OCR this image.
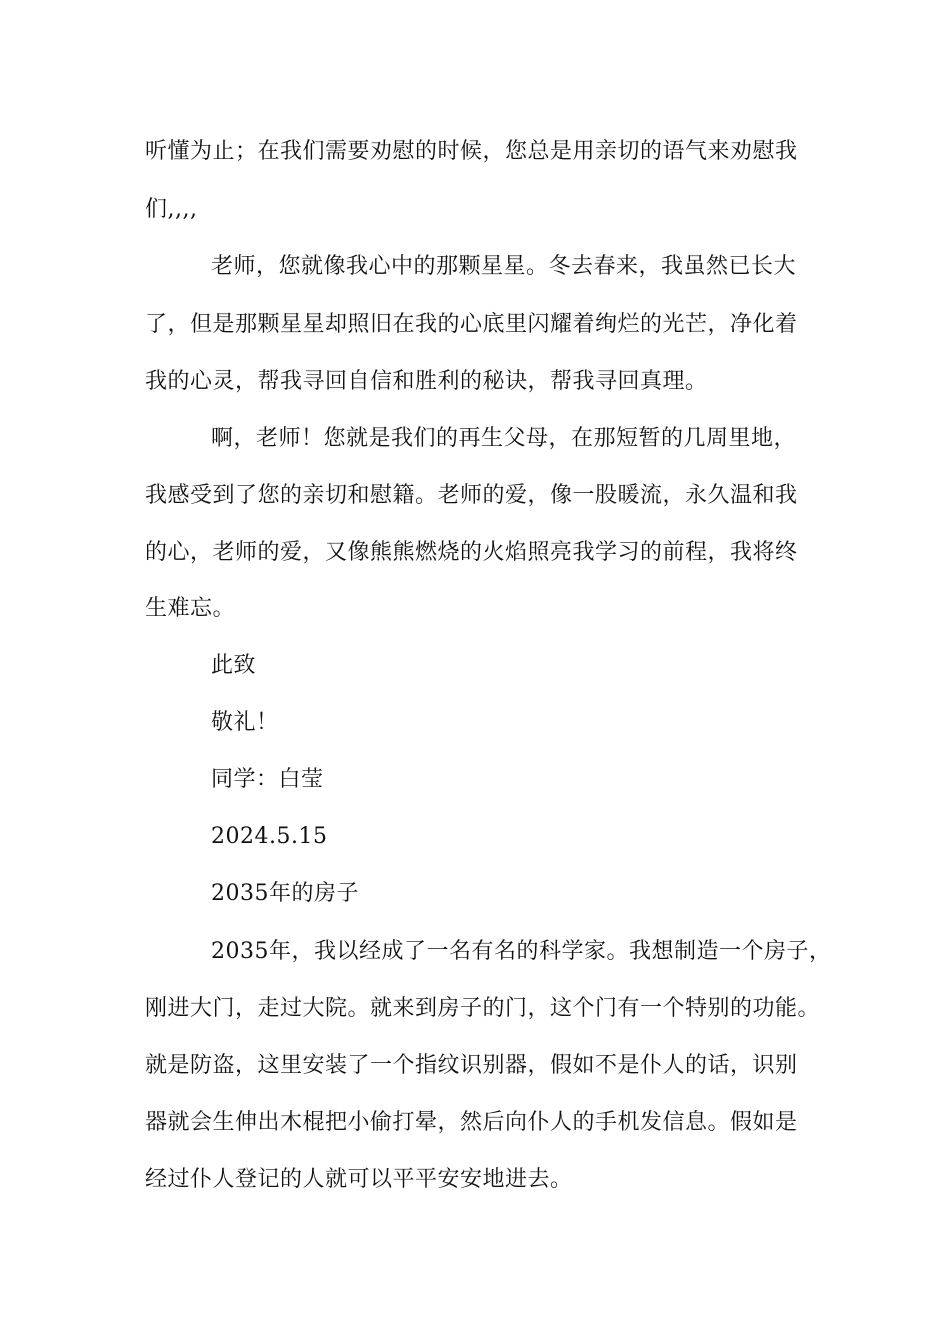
听懂为止；在我们需要劝慰的时候，您总是用亲切的语气来劝慰我
们,,,,
老师，您就像我心中的那颗星星。冬去春来，我虽然已长大
了，但是那颗星星却照旧在我的心底里闪耀着绚烂的光芒，净化着
我的心灵，帮我寻回自信和胜利的秘诀，帮我寻回真理。
啊，老师！您就是我们的再生父母，在那短暂的几周里地，
我感受到了您的亲切和慰籍。老师的爱，像一股暖流，永久温和我
的心，老师的爱，又像熊熊燃烧的火焰照亮我学习的前程，我将终
生难忘。
此致
敬礼！
同学：白莹
2024.5.15
2035年的房子
2035年，我以经成了一名有名的科学家。我想制造一个房子，
刚进大门，走过大院。就来到房子的门，这个门有一个特别的功能。
就是防盗，这里安装了一个指纹识别器，假如不是仆人的话，识别
器就会生伸出木棍把小偷打晕，然后向仆人的手机发信息。假如是
经过仆人登记的人就可以平平安安地进去。
